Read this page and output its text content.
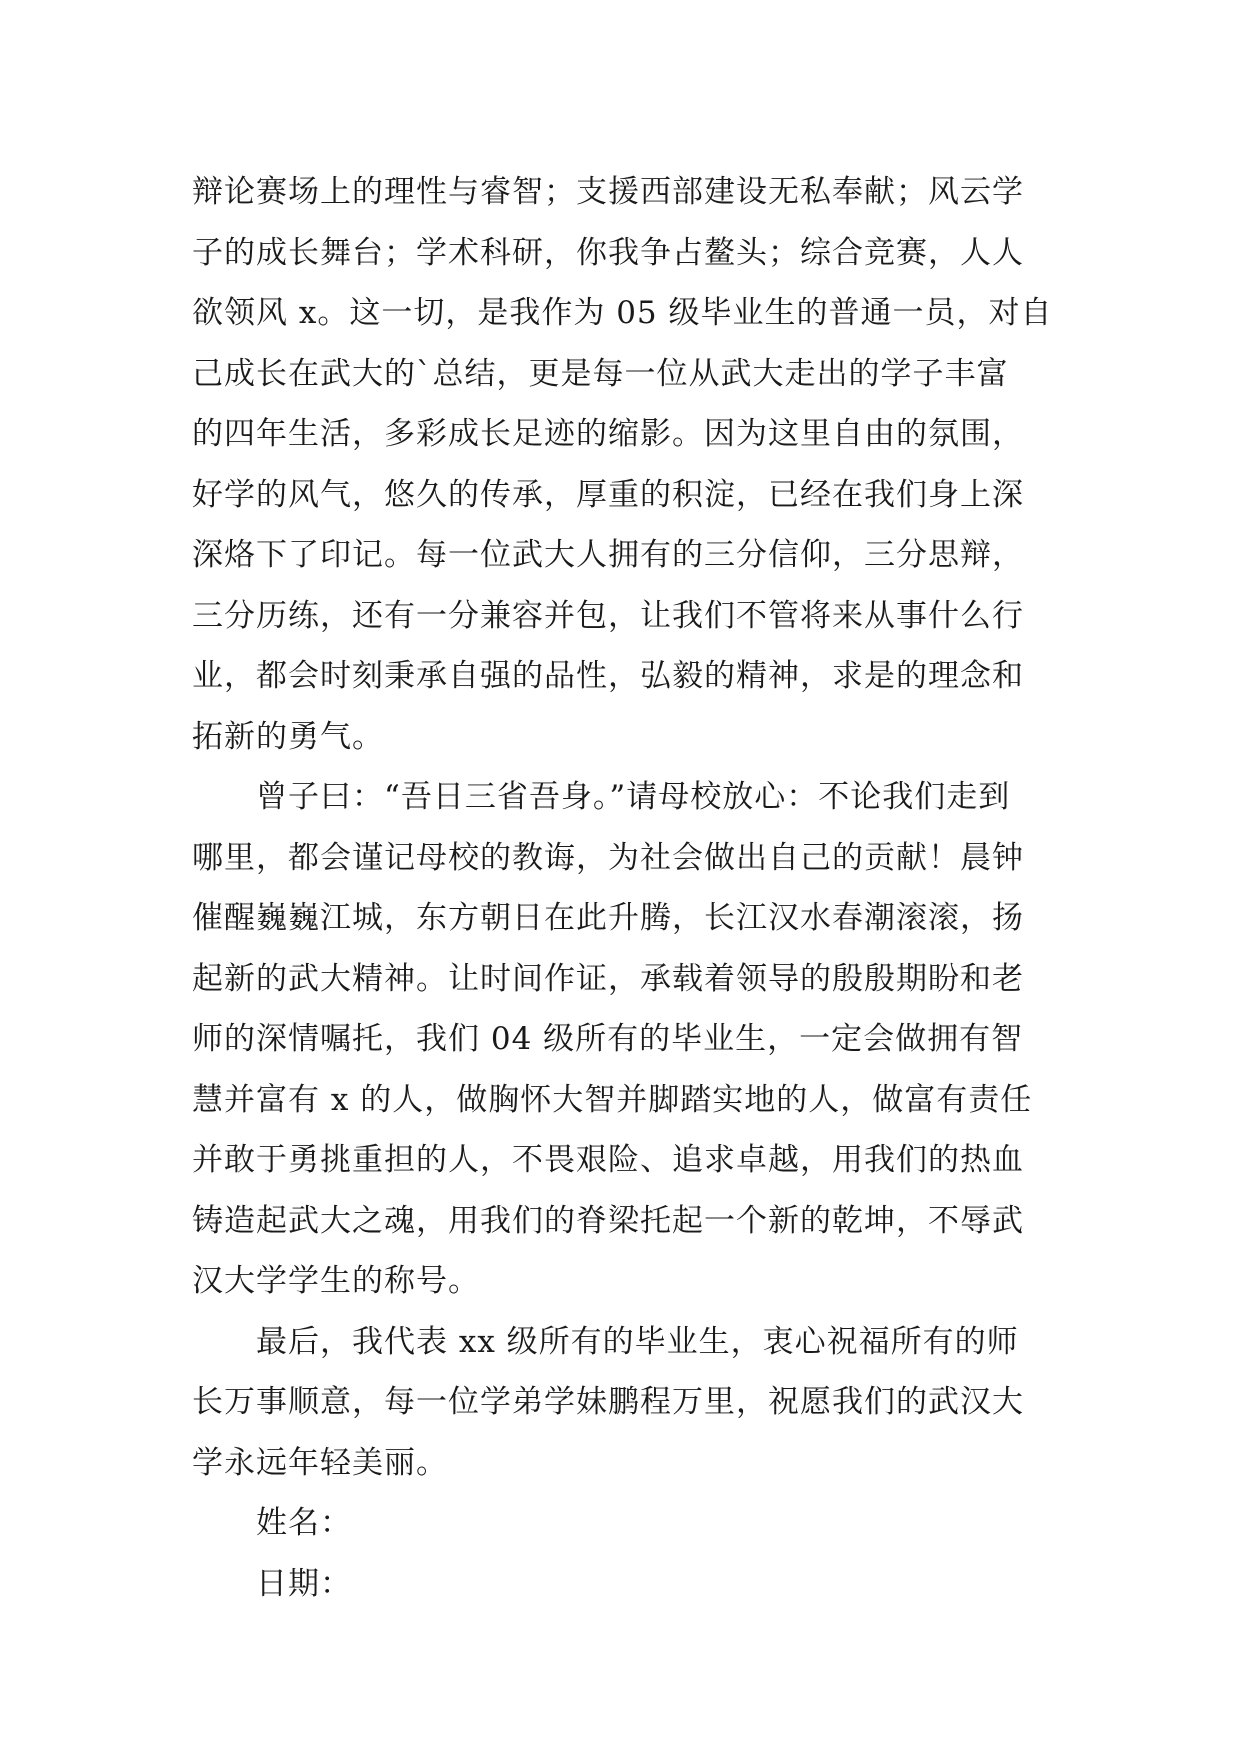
辩论赛场上的理性与睿智；支援西部建设无私奉献；风云学
子的成长舞台；学术科研，你我争占鳌头；综合竞赛，人人
欲领风 x。这一切，是我作为 05 级毕业生的普通一员，对自
己成长在武大的`总结，更是每一位从武大走出的学子丰富
的四年生活，多彩成长足迹的缩影。因为这里自由的氛围，
好学的风气，悠久的传承，厚重的积淀，已经在我们身上深
深烙下了印记。每一位武大人拥有的三分信仰，三分思辩，
三分历练，还有一分兼容并包，让我们不管将来从事什么行
业，都会时刻秉承自强的品性，弘毅的精神，求是的理念和
拓新的勇气。
曾子曰：“吾日三省吾身。”请母校放心：不论我们走到
哪里，都会谨记母校的教诲，为社会做出自己的贡献！晨钟
催醒巍巍江城，东方朝日在此升腾，长江汉水春潮滚滚，扬
起新的武大精神。让时间作证，承载着领导的殷殷期盼和老
师的深情嘱托，我们 04 级所有的毕业生，一定会做拥有智
慧并富有 x 的人，做胸怀大智并脚踏实地的人，做富有责任
并敢于勇挑重担的人，不畏艰险、追求卓越，用我们的热血
铸造起武大之魂，用我们的脊梁托起一个新的乾坤，不辱武
汉大学学生的称号。
最后，我代表 xx 级所有的毕业生，衷心祝福所有的师
长万事顺意，每一位学弟学妹鹏程万里，祝愿我们的武汉大
学永远年轻美丽。
姓名：
日期：
